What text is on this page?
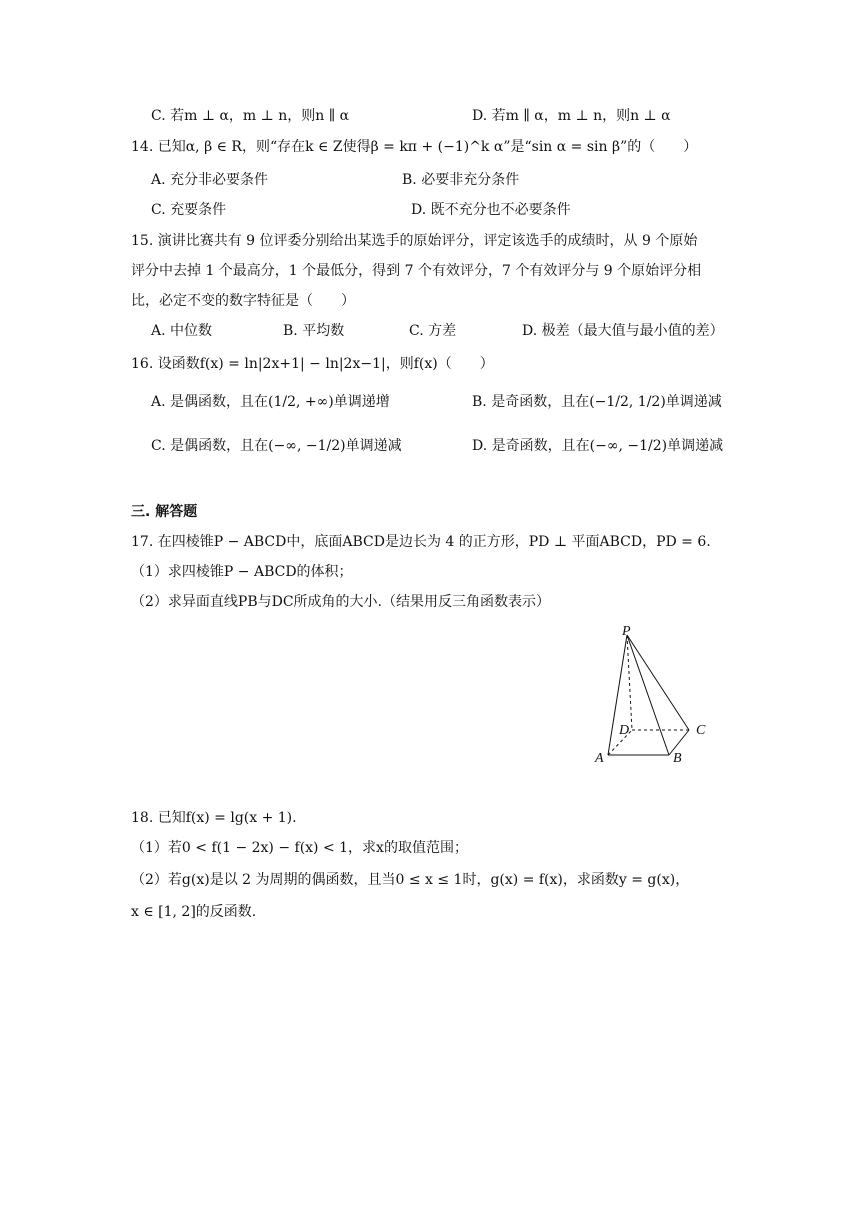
C. 若m ⊥ α，m ⊥ n，则n ∥ α	D. 若m ∥ α，m ⊥ n，则n ⊥ α
14. 已知α, β ∈ R，则“存在k ∈ Z使得β = kπ + (−1)^k α”是“sin α = sin β”的（　　）
A. 充分非必要条件	B. 必要非充分条件
C. 充要条件	D. 既不充分也不必要条件
15. 演讲比赛共有 9 位评委分别给出某选手的原始评分，评定该选手的成绩时，从 9 个原始
评分中去掉 1 个最高分，1 个最低分，得到 7 个有效评分，7 个有效评分与 9 个原始评分相
比，必定不变的数字特征是（　　）
A. 中位数	B. 平均数	C. 方差	D. 极差（最大值与最小值的差）
16. 设函数f(x) = ln|2x+1| − ln|2x−1|，则f(x)（　　）
A. 是偶函数，且在(1/2, +∞)单调递增	B. 是奇函数，且在(−1/2, 1/2)单调递减
C. 是偶函数，且在(−∞, −1/2)单调递减	D. 是奇函数，且在(−∞, −1/2)单调递减
三. 解答题
17. 在四棱锥P − ABCD中，底面ABCD是边长为 4 的正方形，PD ⊥ 平面ABCD，PD = 6.
（1）求四棱锥P − ABCD的体积；
（2）求异面直线PB与DC所成角的大小.（结果用反三角函数表示）
P
A	B
C
D
18. 已知f(x) = lg(x + 1).
（1）若0 < f(1 − 2x) − f(x) < 1，求x的取值范围；
（2）若g(x)是以 2 为周期的偶函数，且当0 ≤ x ≤ 1时，g(x) = f(x)，求函数y = g(x)，
x ∈ [1, 2]的反函数.
